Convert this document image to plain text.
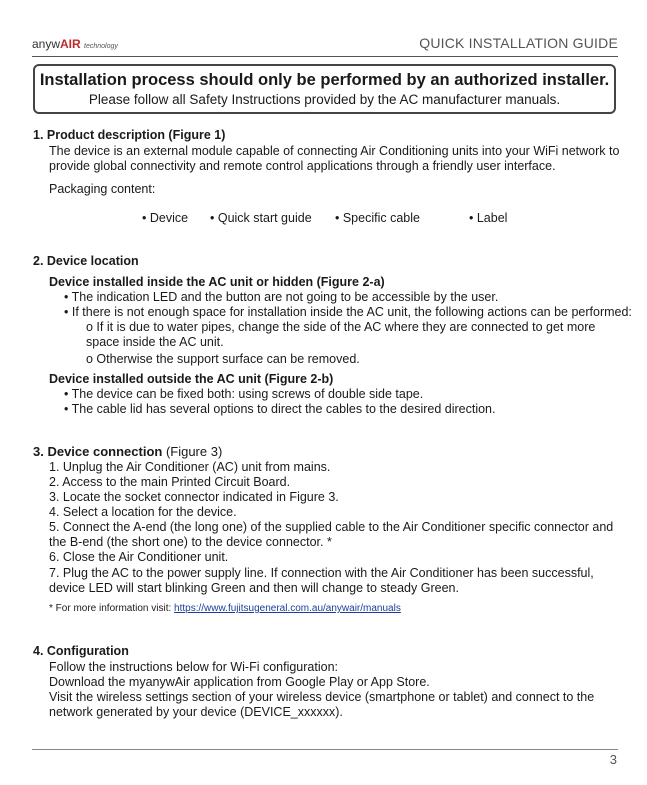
anywAIR technology	QUICK INSTALLATION GUIDE
Installation process should only be performed by an authorized installer.
Please follow all Safety Instructions provided by the AC manufacturer manuals.
1. Product description (Figure 1)
The device is an external module capable of connecting Air Conditioning units into your WiFi network to
provide global connectivity and remote control applications through a friendly user interface.
Packaging content:
• Device • Quick start guide • Specific cable	• Label
2. Device location
Device installed inside the AC unit or hidden (Figure 2-a)
• The indication LED and the button are not going to be accessible by the user.
• If there is not enough space for installation inside the AC unit, the following actions can be performed:
o If it is due to water pipes, change the side of the AC where they are connected to get more
space inside the AC unit.
o Otherwise the support surface can be removed.
Device installed outside the AC unit (Figure 2-b)
• The device can be fixed both: using screws of double side tape.
• The cable lid has several options to direct the cables to the desired direction.
3. Device connection (Figure 3)
1. Unplug the Air Conditioner (AC) unit from mains.
2. Access to the main Printed Circuit Board.
3. Locate the socket connector indicated in Figure 3.
4. Select a location for the device.
5. Connect the A-end (the long one) of the supplied cable to the Air Conditioner specific connector and
the B-end (the short one) to the device connector. *
6. Close the Air Conditioner unit.
7. Plug the AC to the power supply line. If connection with the Air Conditioner has been successful,
device LED will start blinking Green and then will change to steady Green.
* For more information visit: https://www.fujitsugeneral.com.au/anywair/manuals
4. Configuration
Follow the instructions below for Wi-Fi configuration:
Download the myanywAir application from Google Play or App Store.
Visit the wireless settings section of your wireless device (smartphone or tablet) and connect to the
network generated by your device (DEVICE_xxxxxx).
3
